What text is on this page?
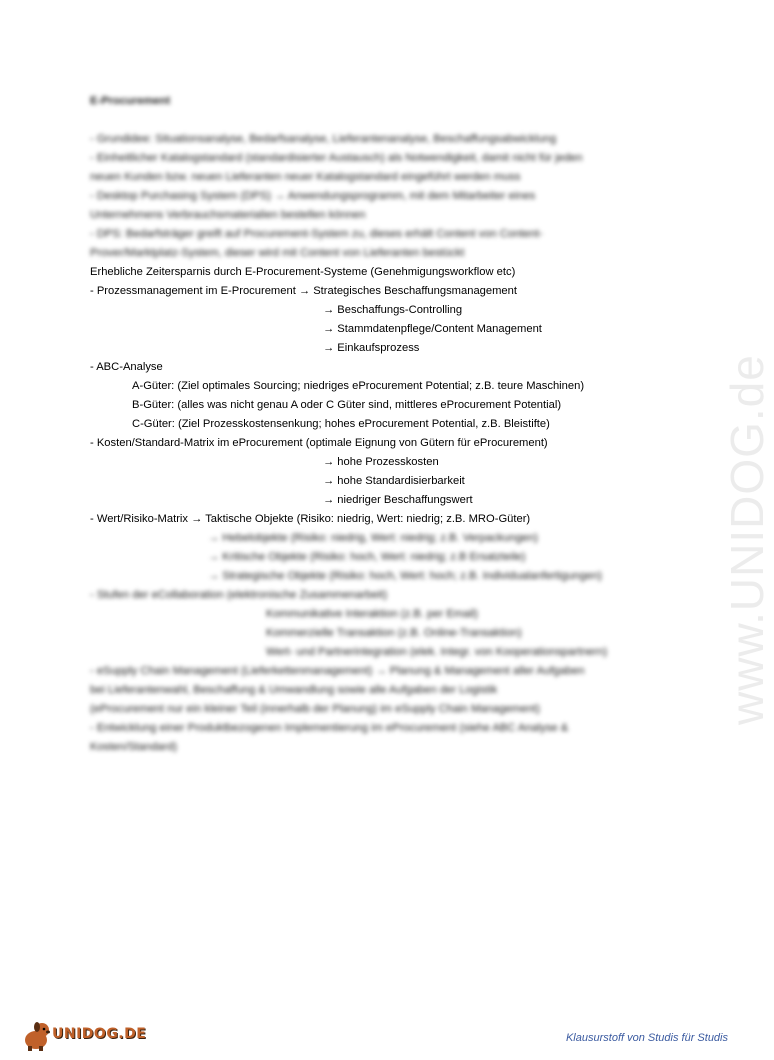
E-Procurement
- Grundidee: Situationsanalyse, Bedarfsanalyse, Lieferantenanalyse, Beschaffungsabwicklung
- Einheitlicher Katalogstandard (standardisierter Austausch) als Notwendigkeit, damit nicht für jeden
neuen Kunden bzw. neuen Lieferanten neuer Katalogstandard eingeführt werden muss
- Desktop Purchasing System (DPS) → Anwendungsprogramm, mit dem Mitarbeiter eines
Unternehmens Verbrauchsmaterialien bestellen können
- DPS: Bedarfsträger greift auf Procurement-System zu, dieses erhält Content von Content-
Prover/Marktplatz-System, dieser wird mit Content von Lieferanten bestückt
Erhebliche Zeitersparnis durch E-Procurement-Systeme (Genehmigungsworkflow etc)
- Prozessmanagement im E-Procurement → Strategisches Beschaffungsmanagement
→ Beschaffungs-Controlling
→ Stammdatenpflege/Content Management
→ Einkaufsprozess
- ABC-Analyse
A-Güter: (Ziel optimales Sourcing; niedriges eProcurement Potential; z.B. teure Maschinen)
B-Güter: (alles was nicht genau A oder C Güter sind, mittleres eProcurement Potential)
C-Güter: (Ziel Prozesskostensenkung; hohes eProcurement Potential, z.B. Bleistifte)
- Kosten/Standard-Matrix im eProcurement (optimale Eignung von Gütern für eProcurement)
→ hohe Prozesskosten
→ hohe Standardisierbarkeit
→ niedriger Beschaffungswert
- Wert/Risiko-Matrix → Taktische Objekte (Risiko: niedrig, Wert: niedrig; z.B. MRO-Güter)
→ Hebelobjekte (Risiko: niedrig, Wert: niedrig; z.B. Verpackungen)
→ Kritische Objekte (Risiko: hoch, Wert: niedrig; z.B Ersatzteile)
→ Strategische Objekte (Risiko: hoch, Wert: hoch; z.B. Individualanfertigungen)
- Stufen der eCollaboration (elektronische Zusammenarbeit)
Kommunikative Interaktion (z.B. per Email)
Kommerzielle Transaktion (z.B. Online-Transaktion)
Wert- und Partnerintegration (elek. Integr. von Kooperationspartnern)
- eSupply Chain Management (Lieferkettenmanagement) → Planung & Management aller Aufgaben
bei Lieferantenwahl, Beschaffung & Umwandlung sowie alle Aufgaben der Logistik
(eProcurement nur ein kleiner Teil (innerhalb der Planung) im eSupply Chain Management)
- Entwicklung einer Produktbezogenen Implementierung im eProcurement (siehe ABC Analyse &
Kosten/Standard)
www.UNIDOG.de
UNIDOG.DE	Klausurstoff von Studis für Studis
